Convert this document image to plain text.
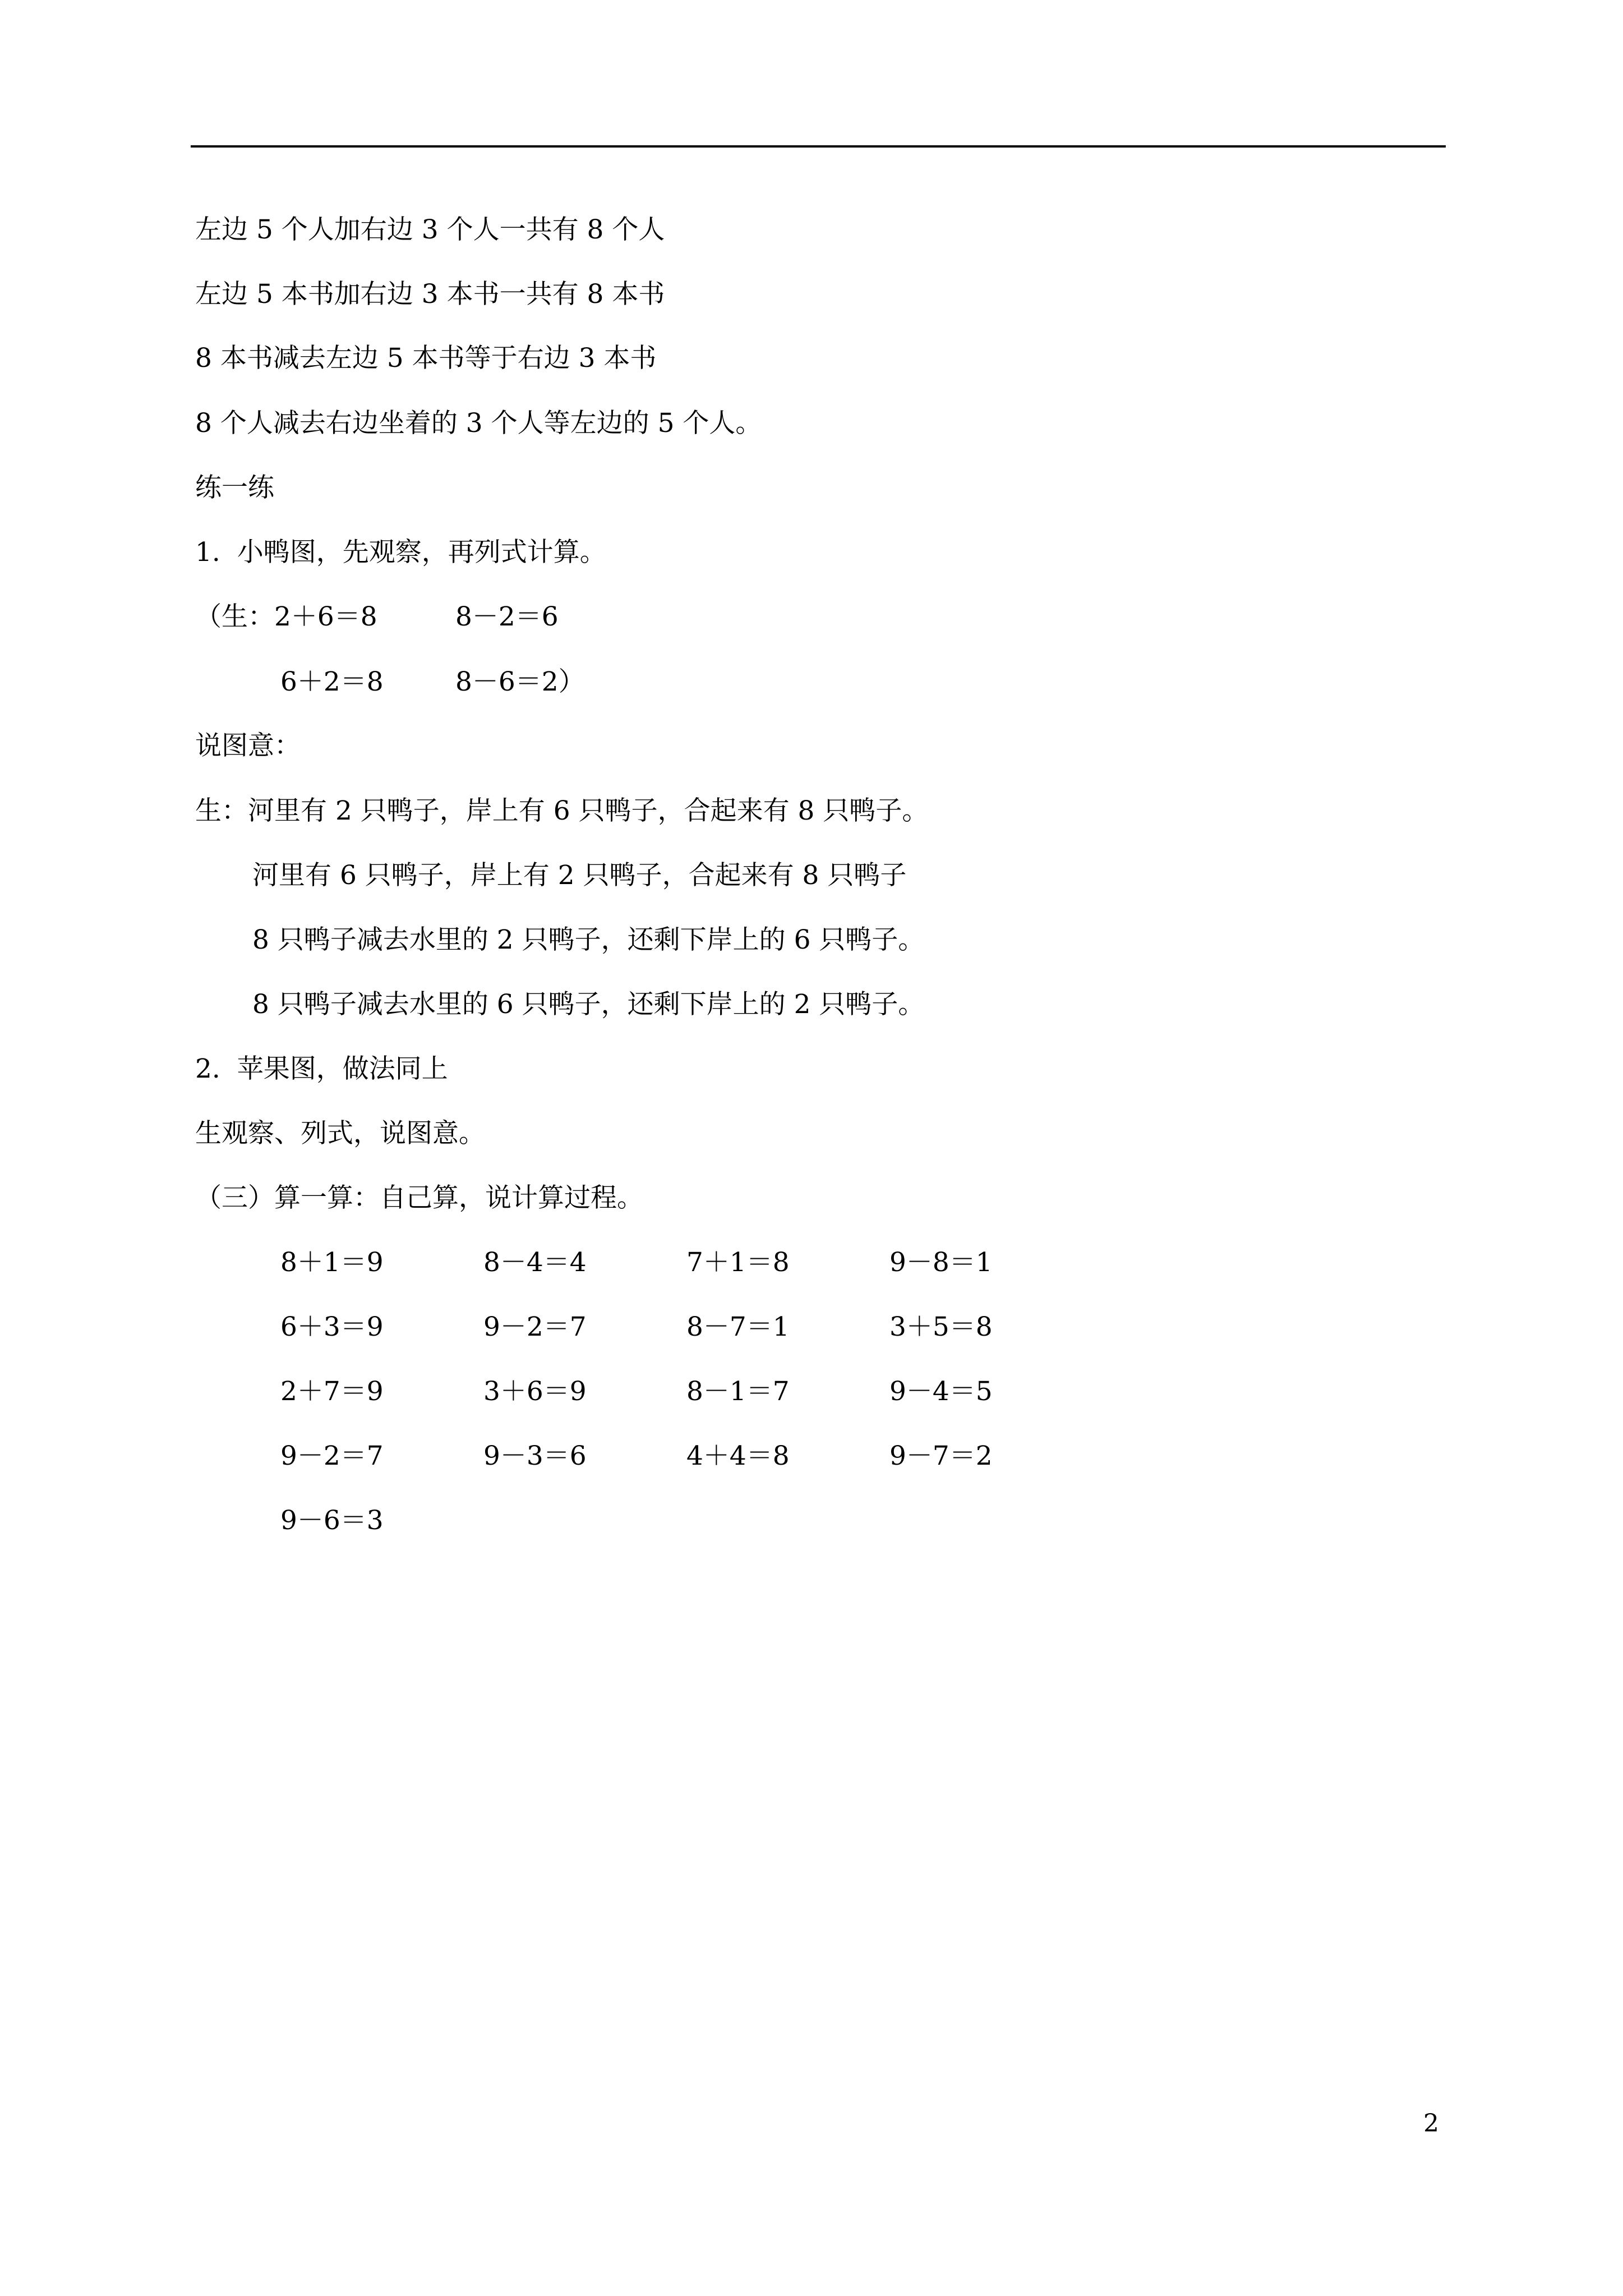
左边 5 个人加右边 3 个人一共有 8 个人
左边 5 本书加右边 3 本书一共有 8 本书
8 本书减去左边 5 本书等于右边 3 本书
8 个人减去右边坐着的 3 个人等左边的 5 个人。
练一练
1.  小鸭图，先观察，再列式计算。
（生：2＋6＝8	8－2＝6
6＋2＝8	8－6＝2）
说图意：
生：河里有 2 只鸭子，岸上有 6 只鸭子，合起来有 8 只鸭子。
河里有 6 只鸭子，岸上有 2 只鸭子，合起来有 8 只鸭子
8 只鸭子减去水里的 2 只鸭子，还剩下岸上的 6 只鸭子。
8 只鸭子减去水里的 6 只鸭子，还剩下岸上的 2 只鸭子。
2.  苹果图，做法同上
生观察、列式，说图意。
（三）算一算：自己算，说计算过程。
8＋1＝9	8－4＝4	7＋1＝8	9－8＝1
6＋3＝9	9－2＝7	8－7＝1	3＋5＝8
2＋7＝9	3＋6＝9	8－1＝7	9－4＝5
9－2＝7	9－3＝6	4＋4＝8	9－7＝2
9－6＝3
2
